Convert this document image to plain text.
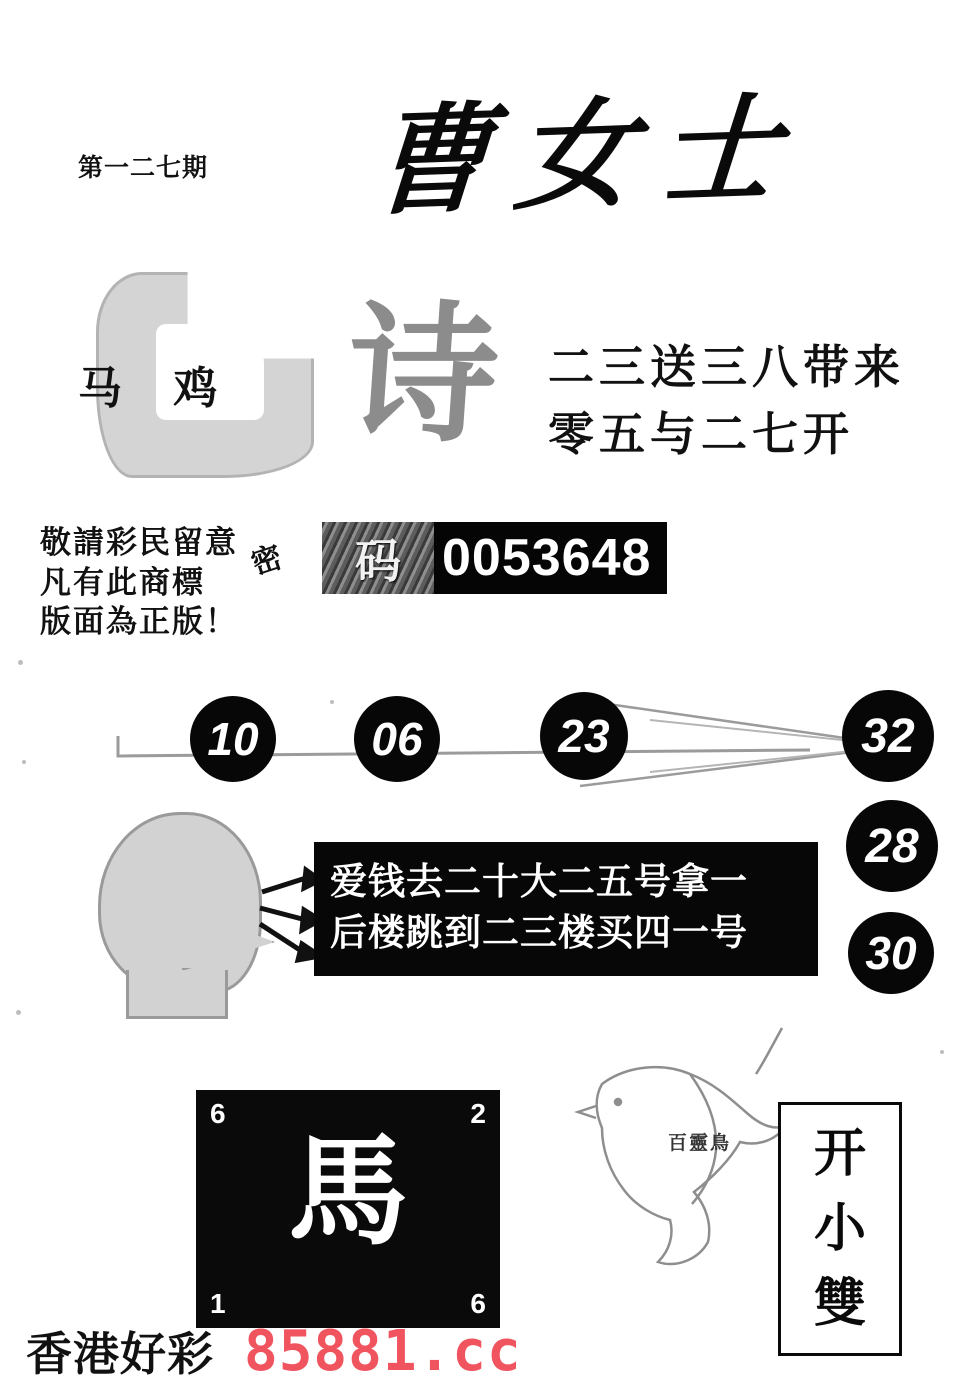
第一二七期 曹女士
马 鸡 诗 二三送三八带来
零五与二七开
敬請彩民留意
凡有此商標
版面為正版！
密 码 0053648
10 06	23	32
28
30
爱钱去二十大二五号拿一
后楼跳到二三楼买四一号
6	2
馬
1	6
百靈鳥 开
小
雙
香港好彩 85881.cc
